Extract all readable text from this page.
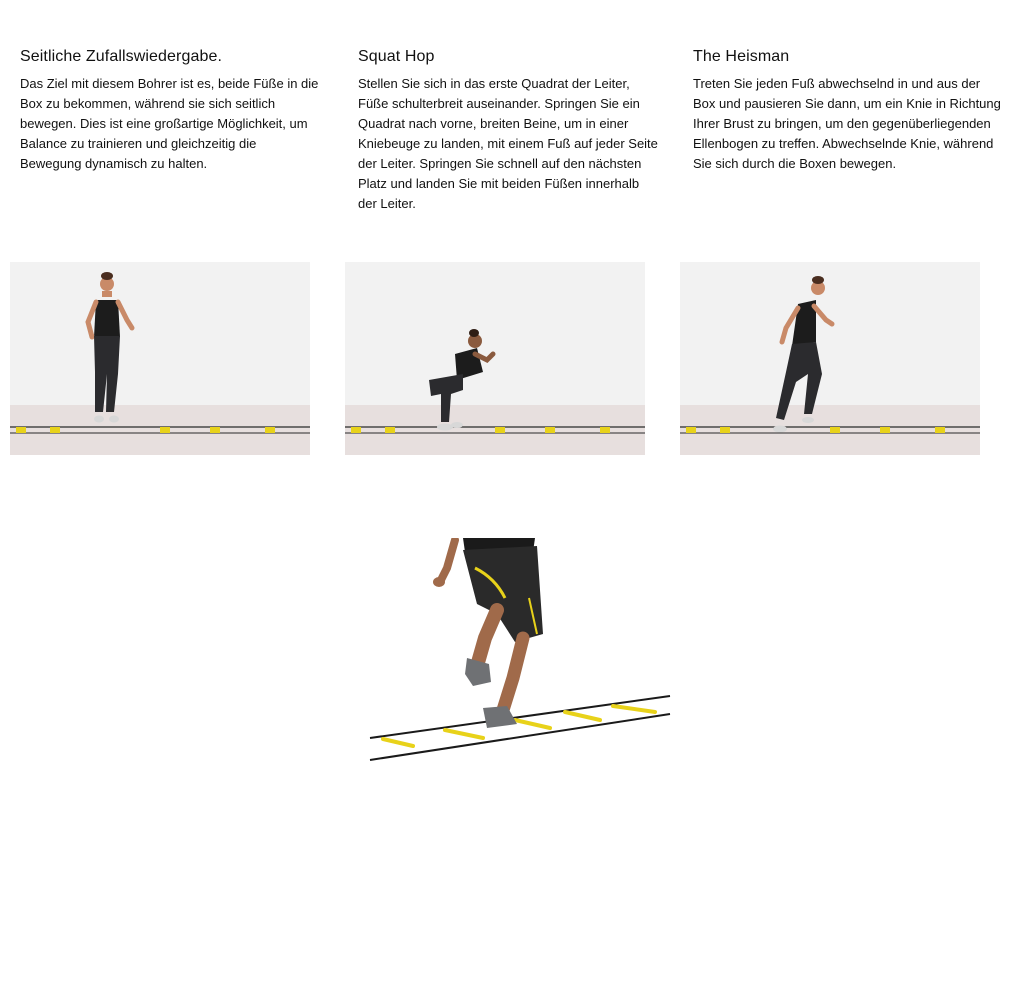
Seitliche Zufallswiedergabe.

Das Ziel mit diesem Bohrer ist es, beide Füße in die Box zu bekommen, während sie sich seitlich bewegen. Dies ist eine großartige Möglichkeit, um Balance zu trainieren und gleichzeitig die Bewegung dynamisch zu halten.

Squat Hop

Stellen Sie sich in das erste Quadrat der Leiter, Füße schulterbreit auseinander. Springen Sie ein Quadrat nach vorne, breiten Beine, um in einer Kniebeuge zu landen, mit einem Fuß auf jeder Seite der Leiter. Springen Sie schnell auf den nächsten Platz und landen Sie mit beiden Füßen innerhalb der Leiter.

The Heisman

Treten Sie jeden Fuß abwechselnd in und aus der Box und pausieren Sie dann, um ein Knie in Richtung Ihrer Brust zu bringen, um den gegenüberliegenden Ellenbogen zu treffen. Abwechselnde Knie, während Sie sich durch die Boxen bewegen.
